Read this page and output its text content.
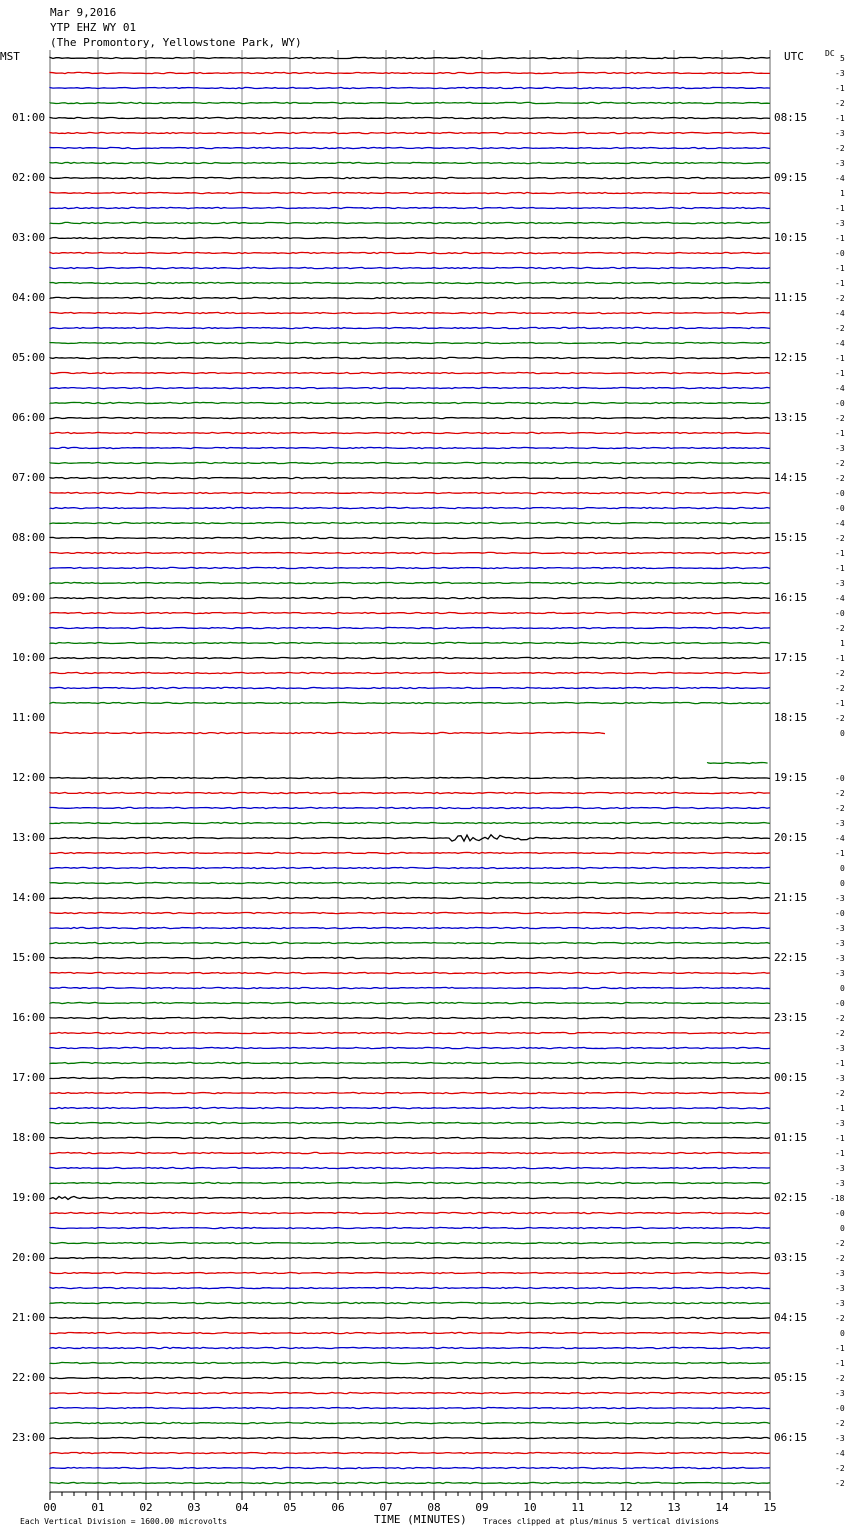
Mar 9,2016
YTP EHZ WY 01
(The Promontory, Yellowstone Park, WY)
MST	UTC	DC
00	01	02	03	04	05	06	07	08	09	10	11	12	13	14	15
01:00
02:00
03:00
04:00
05:00
06:00
07:00
08:00
09:00
10:00
11:00
12:00
13:00
14:00
15:00
16:00
17:00
18:00
19:00
20:00
21:00
22:00
23:00
08:15
09:15
10:15
11:15
12:15
13:15
14:15
15:15
16:15
17:15
18:15
19:15
20:15
21:15
22:15
23:15
00:15
01:15
02:15
03:15
04:15
05:15
06:15
5
-3
-1
-2
-1
-3
-2
-3
-4
1
-1
-3
-1
-0
-1
-1
-2
-4
-2
-4
-1
-1
-4
-0
-2
-1
-3
-2
-2
-0
-0
-4
-2
-1
-1
-3
-4
-0
-2
1
-1
-2
-2
-1
-2
0
-0
-2
-2
-3
-4
-1
0
0
-3
-0
-3
-3
-3
-3
0
-0
-2
-2
-3
-1
-3
-2
-1
-3
-1
-1
-3
-3
-18
-0
0
-2
-2
-3
-3
-3
-2
0
-1
-1
-2
-3
-0
-2
-3
-4
-2
-2
Each Vertical Division = 1600.00 microvolts	TIME (MINUTES) Traces clipped at plus/minus 5 vertical divisions
